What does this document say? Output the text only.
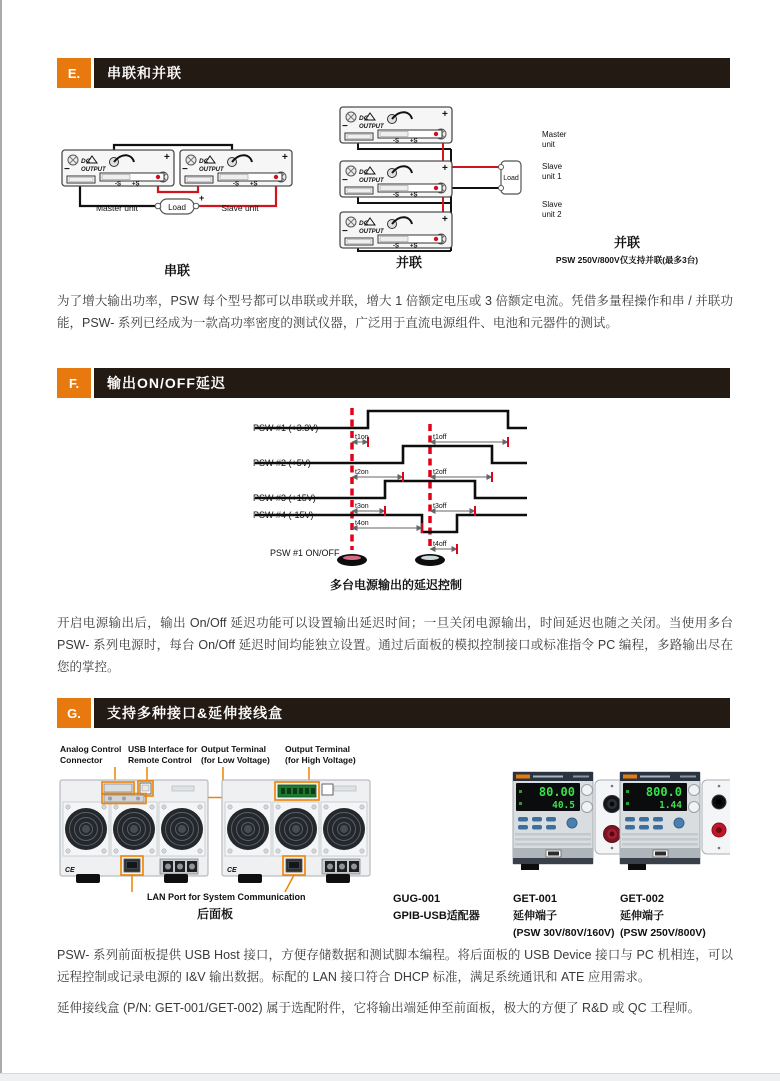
E.	串联和并联
−
+
DC
OUTPUT
-S	+S
Load
+
Master unit	Slave unit
串联
Load
Master
unit
Slave
unit 1
Slave
unit 2
并联
并联
PSW 250V/800V仅支持并联(最多3台)
为了增大输出功率，PSW 每个型号都可以串联或并联，增大 1 倍额定电压或 3 倍额定电流。凭借多量程操作和串 / 并联功能，PSW- 系列已经成为一款高功率密度的测试仪器，广泛用于直流电源组件、电池和元器件的测试。
F.	输出ON/OFF延迟
PSW #1 (+3.3V)
PSW #2 (+5V)
PSW #3 (+15V)
PSW #4 (-15V)
t1on	t1off
t2on	t2off
t3on	t3off
t4on
t4off
PSW #1 ON/OFF
多台电源输出的延迟控制
开启电源输出后，输出 On/Off 延迟功能可以设置输出延迟时间；一旦关闭电源输出，时间延迟也随之关闭。当使用多台 PSW- 系列电源时，每台 On/Off 延迟时间均能独立设置。通过后面板的模拟控制接口或标准指令 PC 编程，多路输出尽在您的掌控。
G.	支持多种接口&延伸接线盒
Analog Control
Connector
USB Interface for
Remote Control
Output Terminal
(for Low Voltage)
Output Terminal
(for High Voltage)
LAN Port for System Communication
后面板
80.00
40.5
800.0
1.44
GUG-001
GPIB-USB适配器
GET-001
延伸端子
(PSW 30V/80V/160V)
GET-002
延伸端子
(PSW 250V/800V)
PSW- 系列前面板提供 USB Host 接口，方便存储数据和测试脚本编程。将后面板的 USB Device 接口与 PC 机相连，可以远程控制或记录电源的 I&V 输出数据。标配的 LAN 接口符合 DHCP 标准，满足系统通讯和 ATE 应用需求。
延伸接线盒 (P/N: GET-001/GET-002) 属于选配附件，它将输出端延伸至前面板，极大的方便了 R&D 或 QC 工程师。
